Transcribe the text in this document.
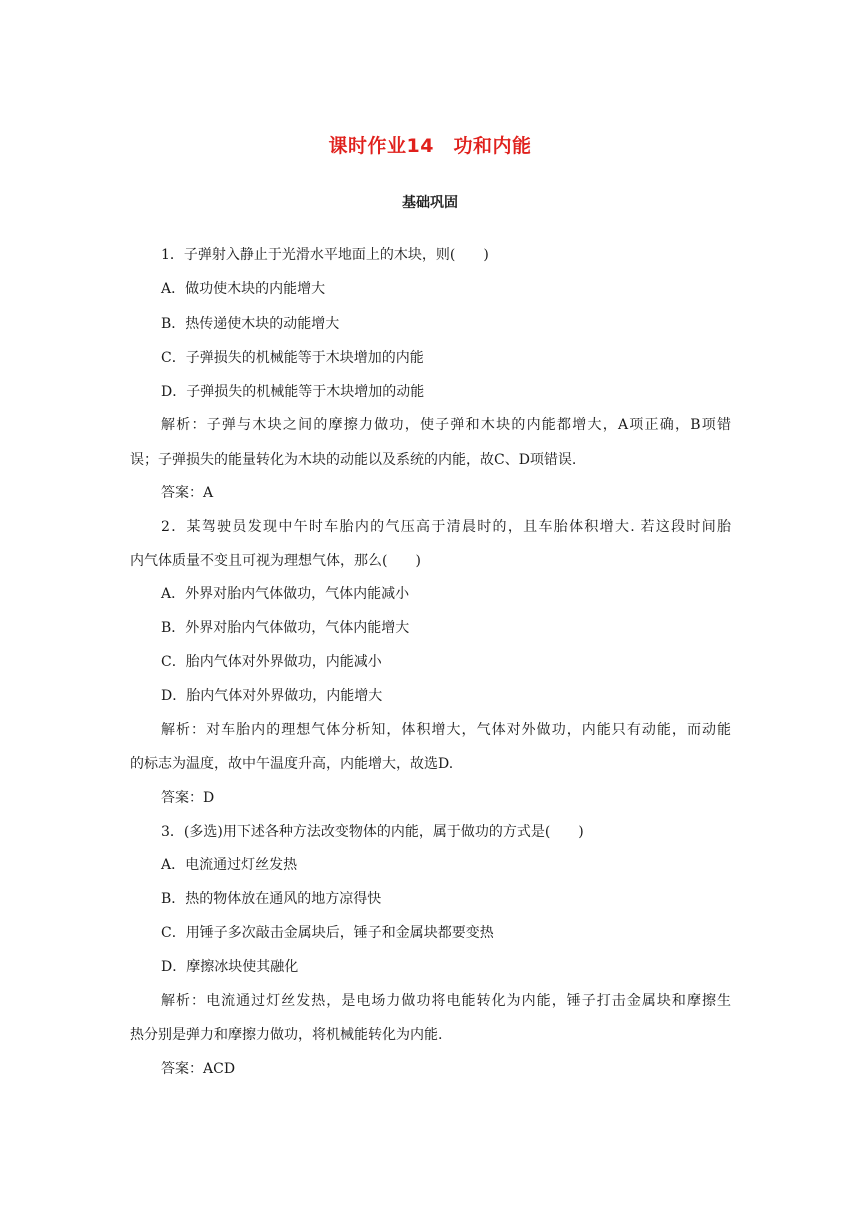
课时作业14　功和内能
基础巩固
1．子弹射入静止于光滑水平地面上的木块，则(　　)
A．做功使木块的内能增大
B．热传递使木块的动能增大
C．子弹损失的机械能等于木块增加的内能
D．子弹损失的机械能等于木块增加的动能
解析：子弹与木块之间的摩擦力做功，使子弹和木块的内能都增大，A项正确，B项错
误；子弹损失的能量转化为木块的动能以及系统的内能，故C、D项错误.
答案：A
2．某驾驶员发现中午时车胎内的气压高于清晨时的，且车胎体积增大. 若这段时间胎
内气体质量不变且可视为理想气体，那么(　　)
A．外界对胎内气体做功，气体内能减小
B．外界对胎内气体做功，气体内能增大
C．胎内气体对外界做功，内能减小
D．胎内气体对外界做功，内能增大
解析：对车胎内的理想气体分析知，体积增大，气体对外做功，内能只有动能，而动能
的标志为温度，故中午温度升高，内能增大，故选D.
答案：D
3．(多选)用下述各种方法改变物体的内能，属于做功的方式是(　　)
A．电流通过灯丝发热
B．热的物体放在通风的地方凉得快
C．用锤子多次敲击金属块后，锤子和金属块都要变热
D．摩擦冰块使其融化
解析：电流通过灯丝发热，是电场力做功将电能转化为内能，锤子打击金属块和摩擦生
热分别是弹力和摩擦力做功，将机械能转化为内能.
答案：ACD
